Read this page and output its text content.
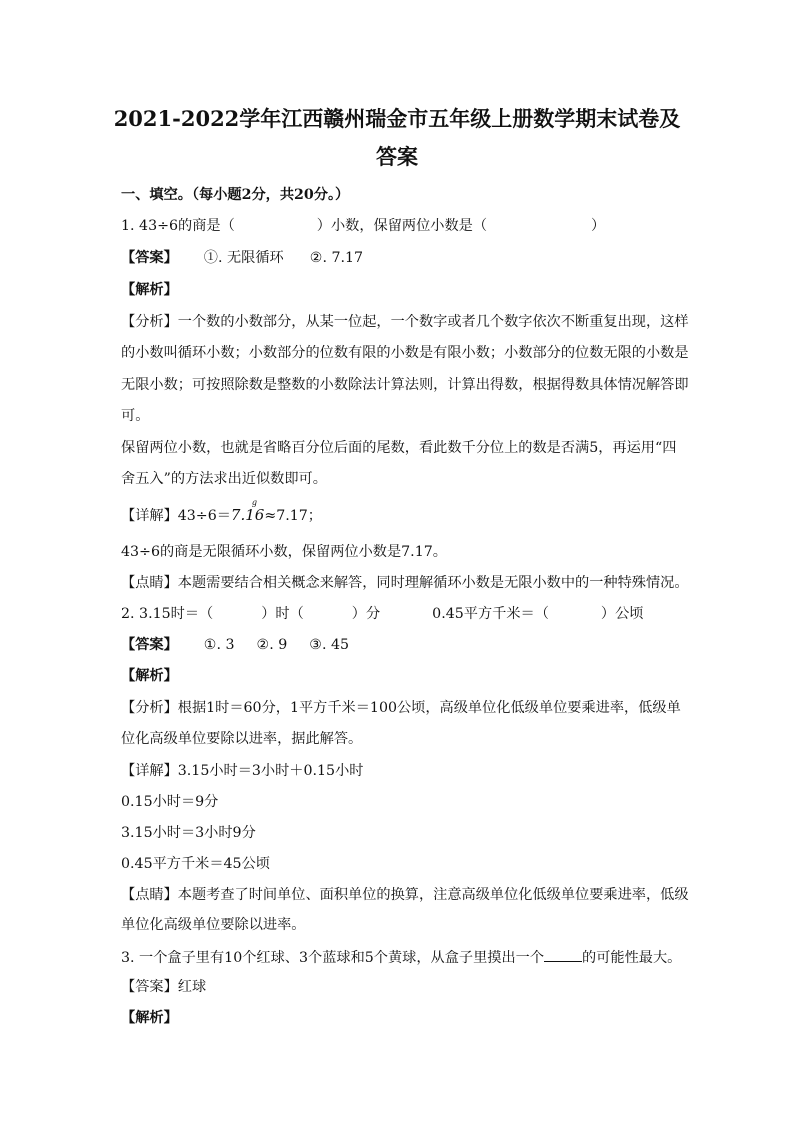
2021-2022学年江西赣州瑞金市五年级上册数学期末试卷及
答案
一、填空。（每小题2分，共20分。）
1. 43÷6的商是（	）小数，保留两位小数是（	）
【答案】 ①. 无限循环 ②. 7.17
【解析】
【分析】一个数的小数部分，从某一位起，一个数字或者几个数字依次不断重复出现，这样
的小数叫循环小数；小数部分的位数有限的小数是有限小数；小数部分的位数无限的小数是
无限小数；可按照除数是整数的小数除法计算法则，计算出得数，根据得数具体情况解答即
可。
保留两位小数，也就是省略百分位后面的尾数，看此数千分位上的数是否满5，再运用“四
舍五入”的方法求出近似数即可。
【详解】43÷6＝7.16
g
≈7.17；
43÷6的商是无限循环小数，保留两位小数是7.17。
【点睛】本题需要结合相关概念来解答，同时理解循环小数是无限小数中的一种特殊情况。
2. 3.15时＝（	）时（	）分	0.45平方千米＝（	）公顷
【答案】 ①. 3 ②. 9 ③. 45
【解析】
【分析】根据1时＝60分，1平方千米＝100公顷，高级单位化低级单位要乘进率，低级单
位化高级单位要除以进率，据此解答。
【详解】3.15小时＝3小时＋0.15小时
0.15小时＝9分
3.15小时＝3小时9分
0.45平方千米＝45公顷
【点睛】本题考查了时间单位、面积单位的换算，注意高级单位化低级单位要乘进率，低级
单位化高级单位要除以进率。
3. 一个盒子里有10个红球、3个蓝球和5个黄球，从盒子里摸出一个	的可能性最大。
【答案】红球
【解析】
